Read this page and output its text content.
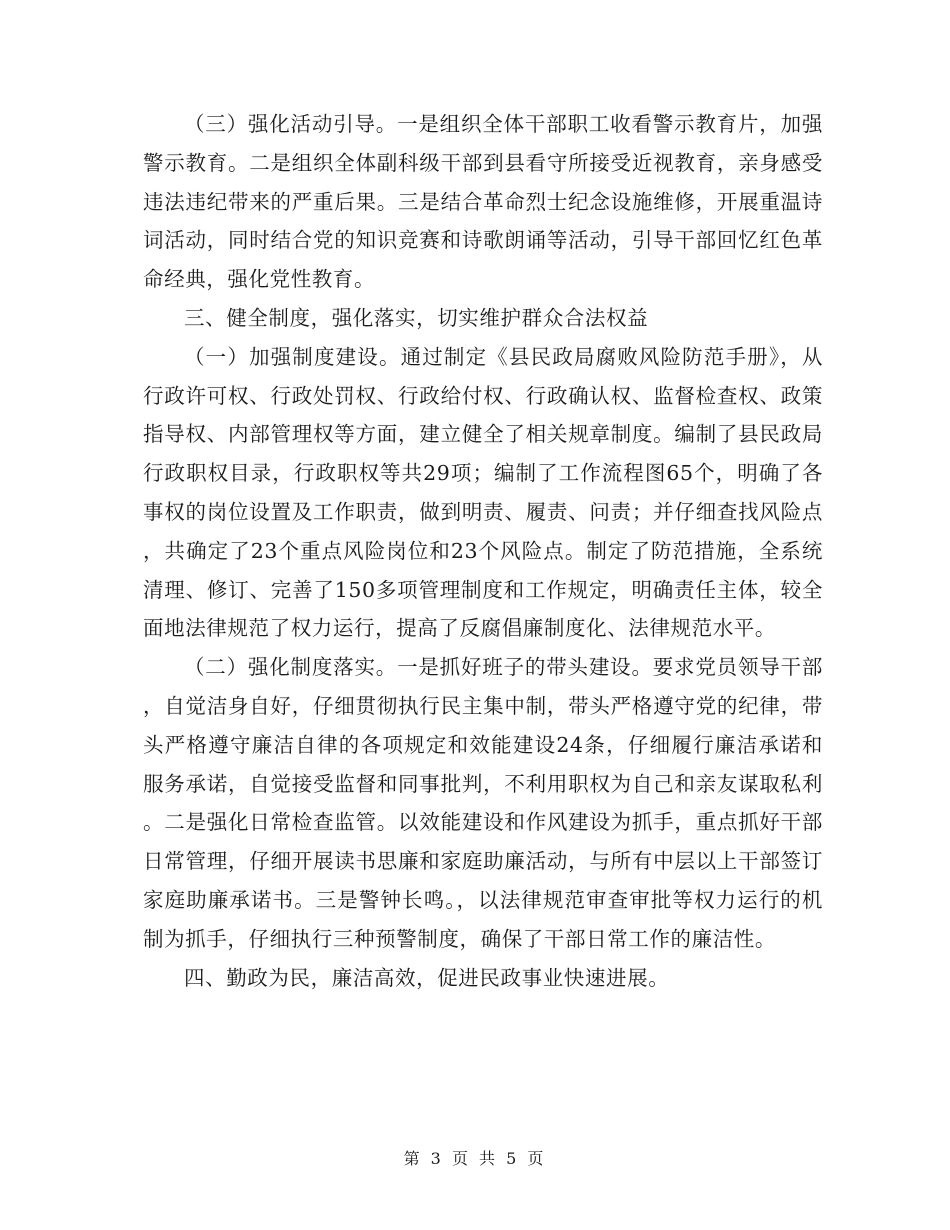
（三）强化活动引导。一是组织全体干部职工收看警示教育片，加强警示教育。二是组织全体副科级干部到县看守所接受近视教育，亲身感受违法违纪带来的严重后果。三是结合革命烈士纪念设施维修，开展重温诗词活动，同时结合党的知识竞赛和诗歌朗诵等活动，引导干部回忆红色革命经典，强化党性教育。

三、健全制度，强化落实，切实维护群众合法权益

（一）加强制度建设。通过制定《县民政局腐败风险防范手册》，从行政许可权、行政处罚权、行政给付权、行政确认权、监督检查权、政策指导权、内部管理权等方面，建立健全了相关规章制度。编制了县民政局行政职权目录，行政职权等共29项；编制了工作流程图65个，明确了各事权的岗位设置及工作职责，做到明责、履责、问责；并仔细查找风险点，共确定了23个重点风险岗位和23个风险点。制定了防范措施，全系统清理、修订、完善了150多项管理制度和工作规定，明确责任主体，较全面地法律规范了权力运行，提高了反腐倡廉制度化、法律规范水平。

（二）强化制度落实。一是抓好班子的带头建设。要求党员领导干部，自觉洁身自好，仔细贯彻执行民主集中制，带头严格遵守党的纪律，带头严格遵守廉洁自律的各项规定和效能建设24条，仔细履行廉洁承诺和服务承诺，自觉接受监督和同事批判，不利用职权为自己和亲友谋取私利。二是强化日常检查监管。以效能建设和作风建设为抓手，重点抓好干部日常管理，仔细开展读书思廉和家庭助廉活动，与所有中层以上干部签订家庭助廉承诺书。三是警钟长鸣。，以法律规范审查审批等权力运行的机制为抓手，仔细执行三种预警制度，确保了干部日常工作的廉洁性。

四、勤政为民，廉洁高效，促进民政事业快速进展。

第 3 页 共 5 页
